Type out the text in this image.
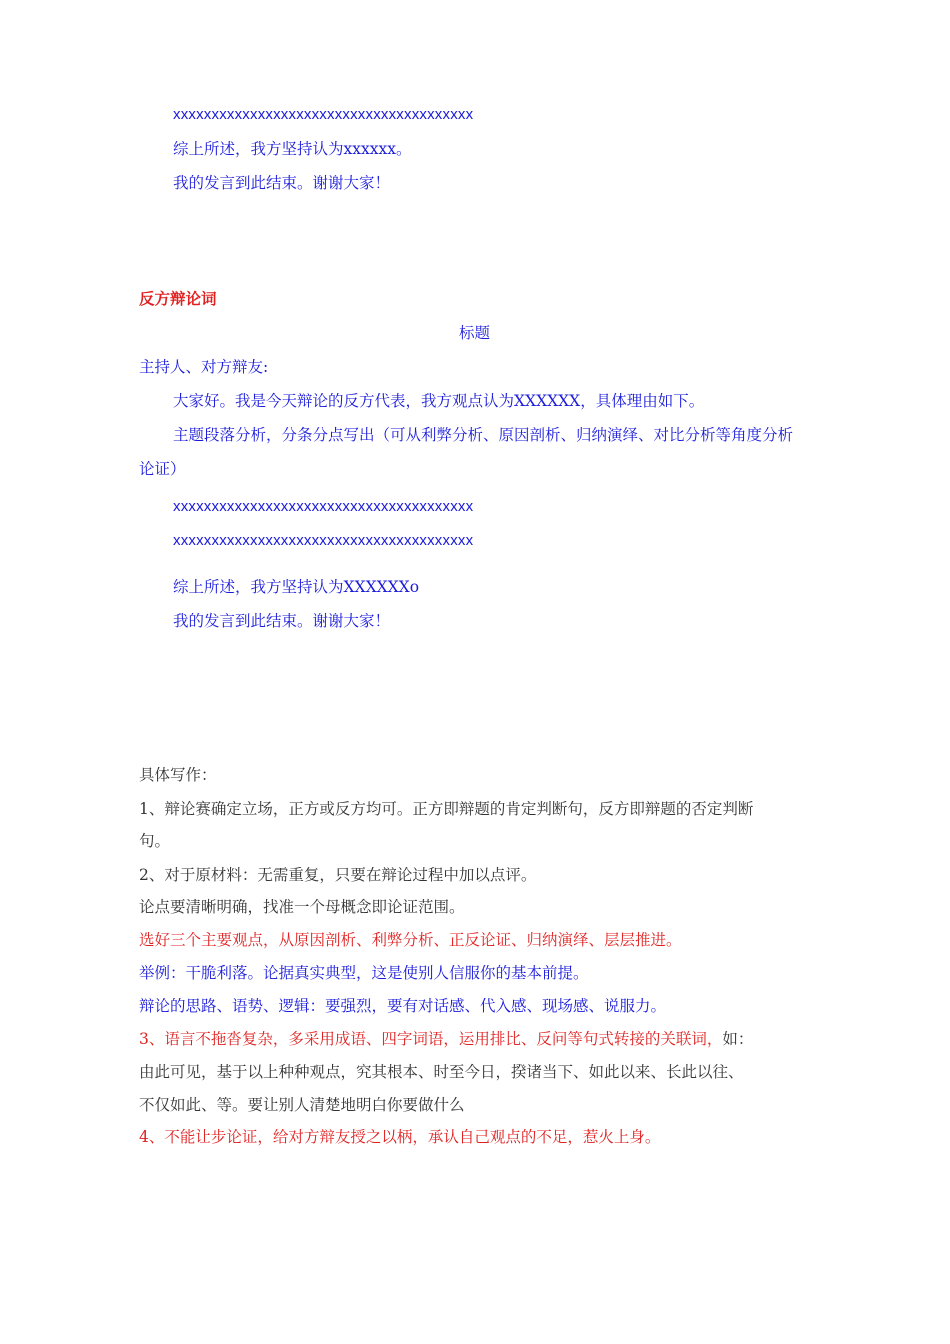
xxxxxxxxxxxxxxxxxxxxxxxxxxxxxxxxxxxxxxx
综上所述，我方坚持认为xxxxxx。
我的发言到此结束。谢谢大家！
反方辩论词
标题
主持人、对方辩友:
大家好。我是今天辩论的反方代表，我方观点认为XXXXXX，具体理由如下。
主题段落分析，分条分点写出（可从利弊分析、原因剖析、归纳演绎、对比分析等角度分析
论证）
xxxxxxxxxxxxxxxxxxxxxxxxxxxxxxxxxxxxxxx
xxxxxxxxxxxxxxxxxxxxxxxxxxxxxxxxxxxxxxx
综上所述，我方坚持认为XXXXXXo
我的发言到此结束。谢谢大家！
具体写作：
1、辩论赛确定立场，正方或反方均可。正方即辩题的肯定判断句，反方即辩题的否定判断
句。
2、对于原材料：无需重复，只要在辩论过程中加以点评。
论点要清晰明确，找准一个母概念即论证范围。
选好三个主要观点，从原因剖析、利弊分析、正反论证、归纳演绎、层层推进。
举例：干脆利落。论据真实典型，这是使别人信服你的基本前提。
辩论的思路、语势、逻辑：要强烈，要有对话感、代入感、现场感、说服力。
3、语言不拖沓复杂，多采用成语、四字词语，运用排比、反问等句式转接的关联词，如：
由此可见，基于以上种种观点，究其根本、时至今日，揆诸当下、如此以来、长此以往、
不仅如此、等。要让别人清楚地明白你要做什么
4、不能让步论证，给对方辩友授之以柄，承认自己观点的不足，惹火上身。
